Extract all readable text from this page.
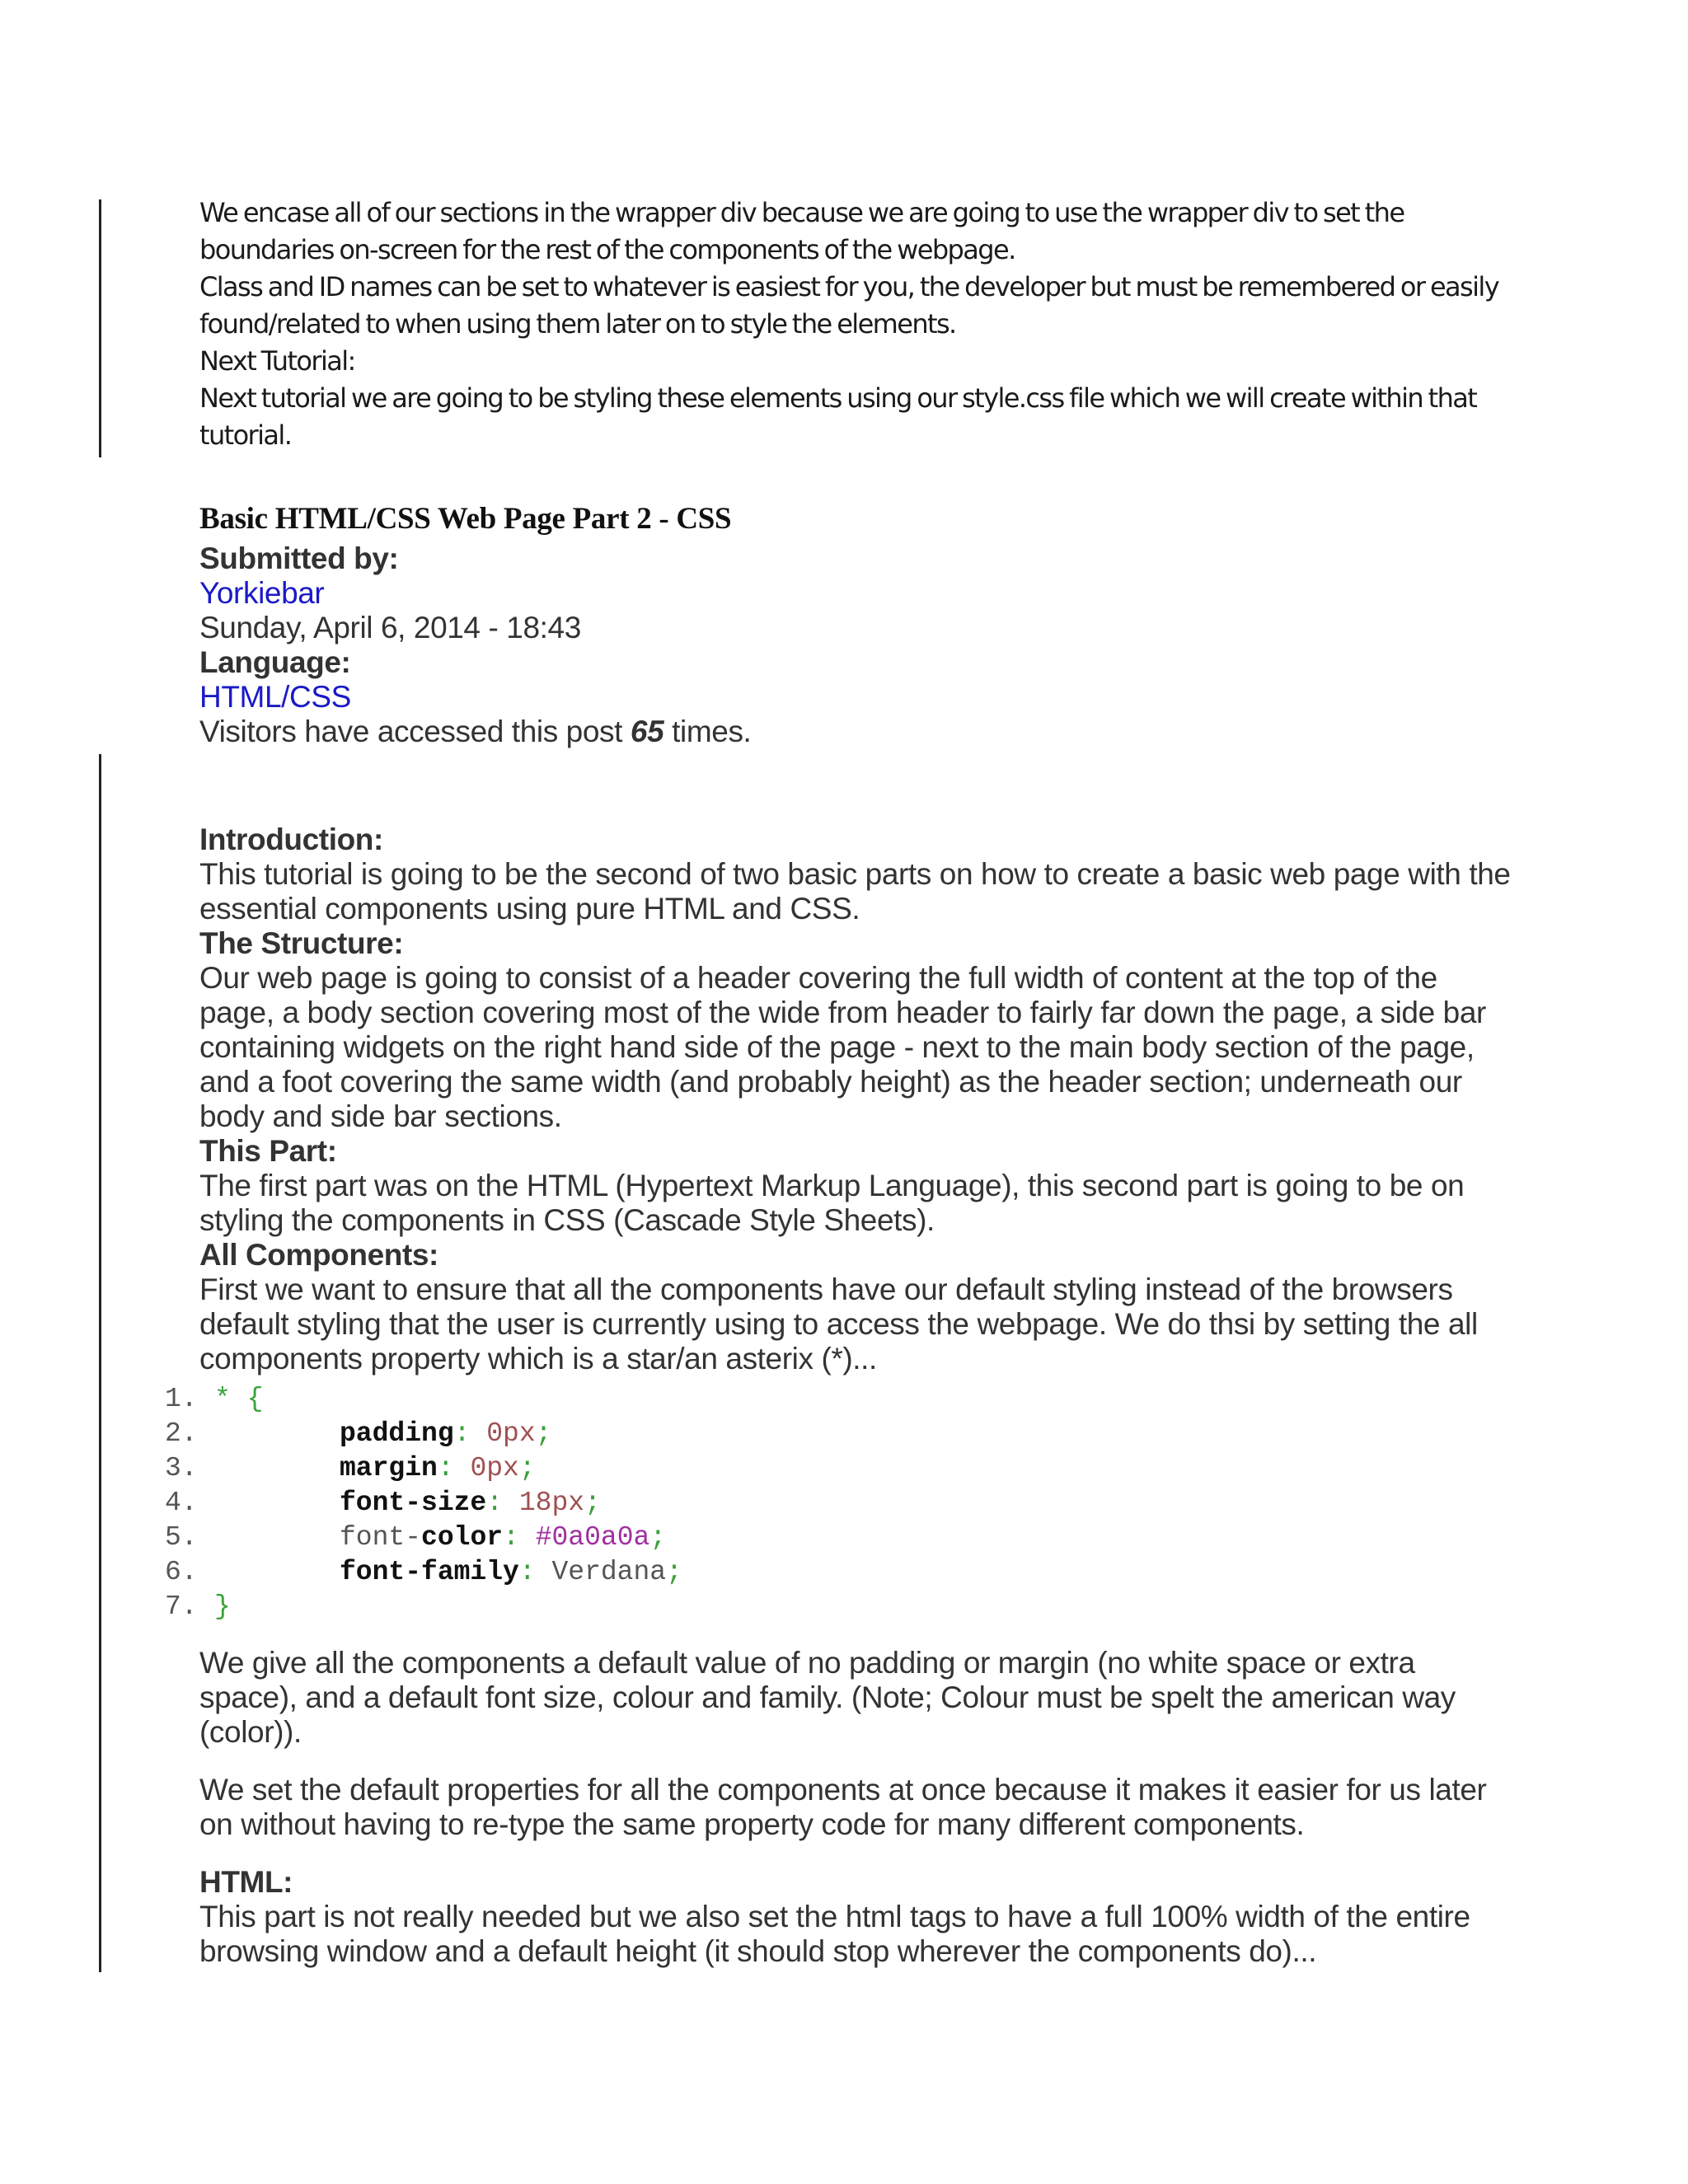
We encase all of our sections in the wrapper div because we are going to use the wrapper div to set the boundaries on-screen for the rest of the components of the webpage.

Class and ID names can be set to whatever is easiest for you, the developer but must be remembered or easily found/related to when using them later on to style the elements.

Next Tutorial:

Next tutorial we are going to be styling these elements using our style.css file which we will create within that tutorial.

Basic HTML/CSS Web Page Part 2 - CSS

Submitted by:

Yorkiebar

Sunday, April 6, 2014 - 18:43

Language:

HTML/CSS

Visitors have accessed this post 65 times.

Introduction:

This tutorial is going to be the second of two basic parts on how to create a basic web page with the essential components using pure HTML and CSS.

The Structure:

Our web page is going to consist of a header covering the full width of content at the top of the page, a body section covering most of the wide from header to fairly far down the page, a side bar containing widgets on the right hand side of the page - next to the main body section of the page, and a foot covering the same width (and probably height) as the header section; underneath our body and side bar sections.

This Part:

The first part was on the HTML (Hypertext Markup Language), this second part is going to be on styling the components in CSS (Cascade Style Sheets).

All Components:

First we want to ensure that all the components have our default styling instead of the browsers default styling that the user is currently using to access the webpage. We do thsi by setting the all components property which is a star/an asterix (*)...

1. * {
2.	padding: 0px;
3.	margin: 0px;
4.	font-size: 18px;
5.	font-color: #0a0a0a;
6.	font-family: Verdana;
7. }

We give all the components a default value of no padding or margin (no white space or extra space), and a default font size, colour and family. (Note; Colour must be spelt the american way (color)).

We set the default properties for all the components at once because it makes it easier for us later on without having to re-type the same property code for many different components.

HTML:

This part is not really needed but we also set the html tags to have a full 100% width of the entire browsing window and a default height (it should stop wherever the components do)...
